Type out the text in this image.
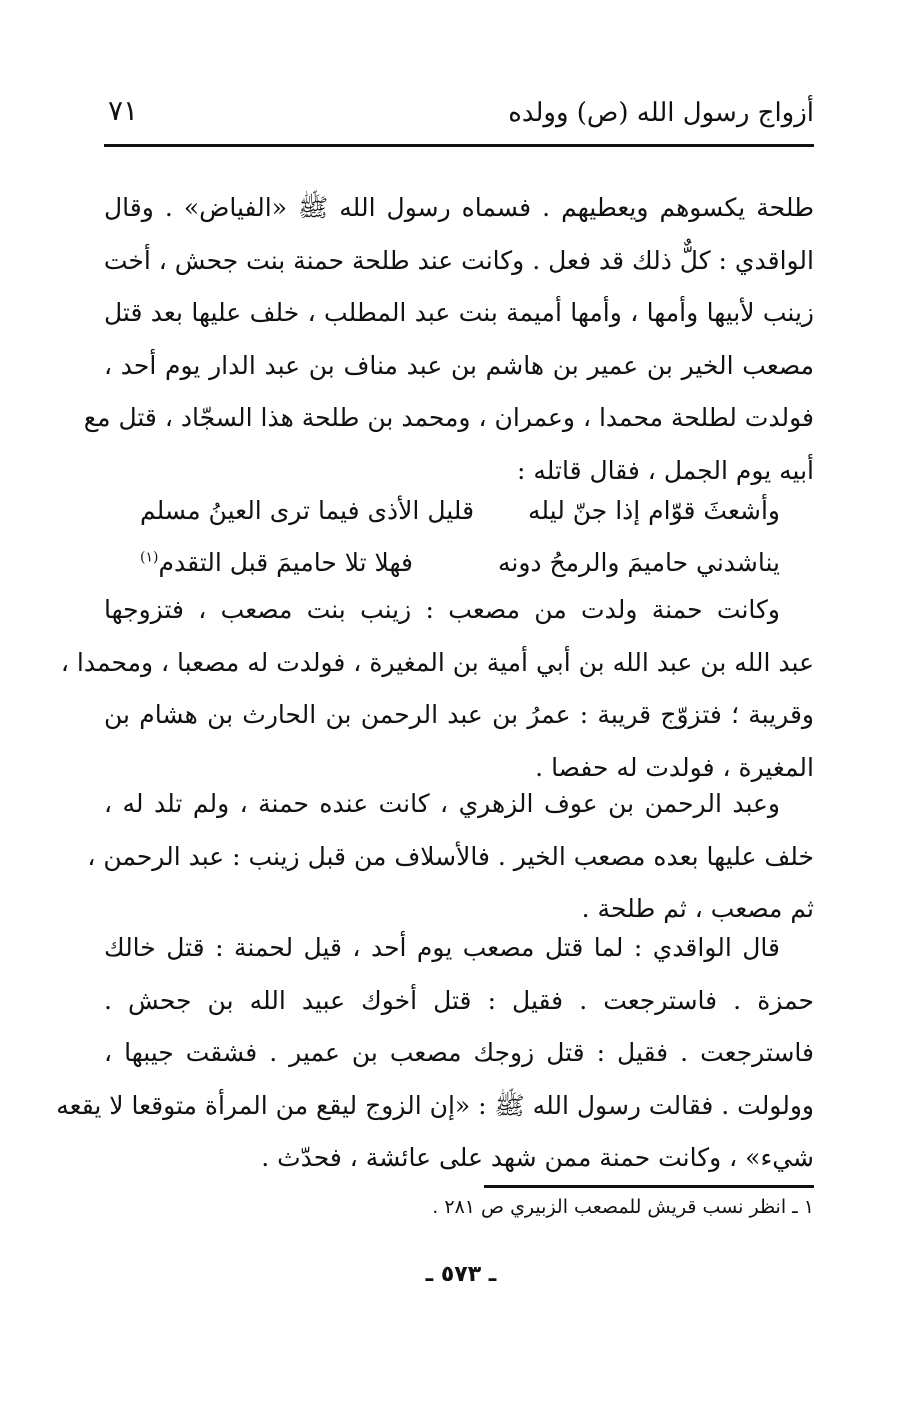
أزواج رسول الله (ص) وولده
٧١
طلحة يكسوهم ويعطيهم . فسماه رسول الله ﷺ «الفياض» . وقال
الواقدي : كلٌّ ذلك قد فعل . وكانت عند طلحة حمنة بنت جحش ، أخت
زينب لأبيها وأمها ، وأمها أميمة بنت عبد المطلب ، خلف عليها بعد قتل
مصعب الخير بن عمير بن هاشم بن عبد مناف بن عبد الدار يوم أحد ،
فولدت لطلحة محمدا ، وعمران ، ومحمد بن طلحة هذا السجّاد ، قتل مع
أبيه يوم الجمل ، فقال قاتله :
وأشعثَ قوّام إذا جنّ ليله
قليل الأذى فيما ترى العينُ مسلم
يناشدني حاميمَ والرمحُ دونه
فهلا تلا حاميمَ قبل التقدم$^{(١)}$
وكانت حمنة ولدت من مصعب : زينب بنت مصعب ، فتزوجها
عبد الله بن عبد الله بن أبي أمية بن المغيرة ، فولدت له مصعبا ، ومحمدا ،
وقريبة ؛ فتزوّج قريبة : عمرُ بن عبد الرحمن بن الحارث بن هشام بن
المغيرة ، فولدت له حفصا .
وعبد الرحمن بن عوف الزهري ، كانت عنده حمنة ، ولم تلد له ،
خلف عليها بعده مصعب الخير . فالأسلاف من قبل زينب : عبد الرحمن ،
ثم مصعب ، ثم طلحة .
قال الواقدي : لما قتل مصعب يوم أحد ، قيل لحمنة : قتل خالك
حمزة . فاسترجعت . فقيل : قتل أخوك عبيد الله بن جحش .
فاسترجعت . فقيل : قتل زوجك مصعب بن عمير . فشقت جيبها ،
وولولت . فقالت رسول الله ﷺ : «إن الزوج ليقع من المرأة متوقعا لا يقعه
شيء» ، وكانت حمنة ممن شهد على عائشة ، فحدّث .
١ ـ انظر نسب قريش للمصعب الزبيري ص ٢٨١ .
ـ ٥٧٣ ـ
